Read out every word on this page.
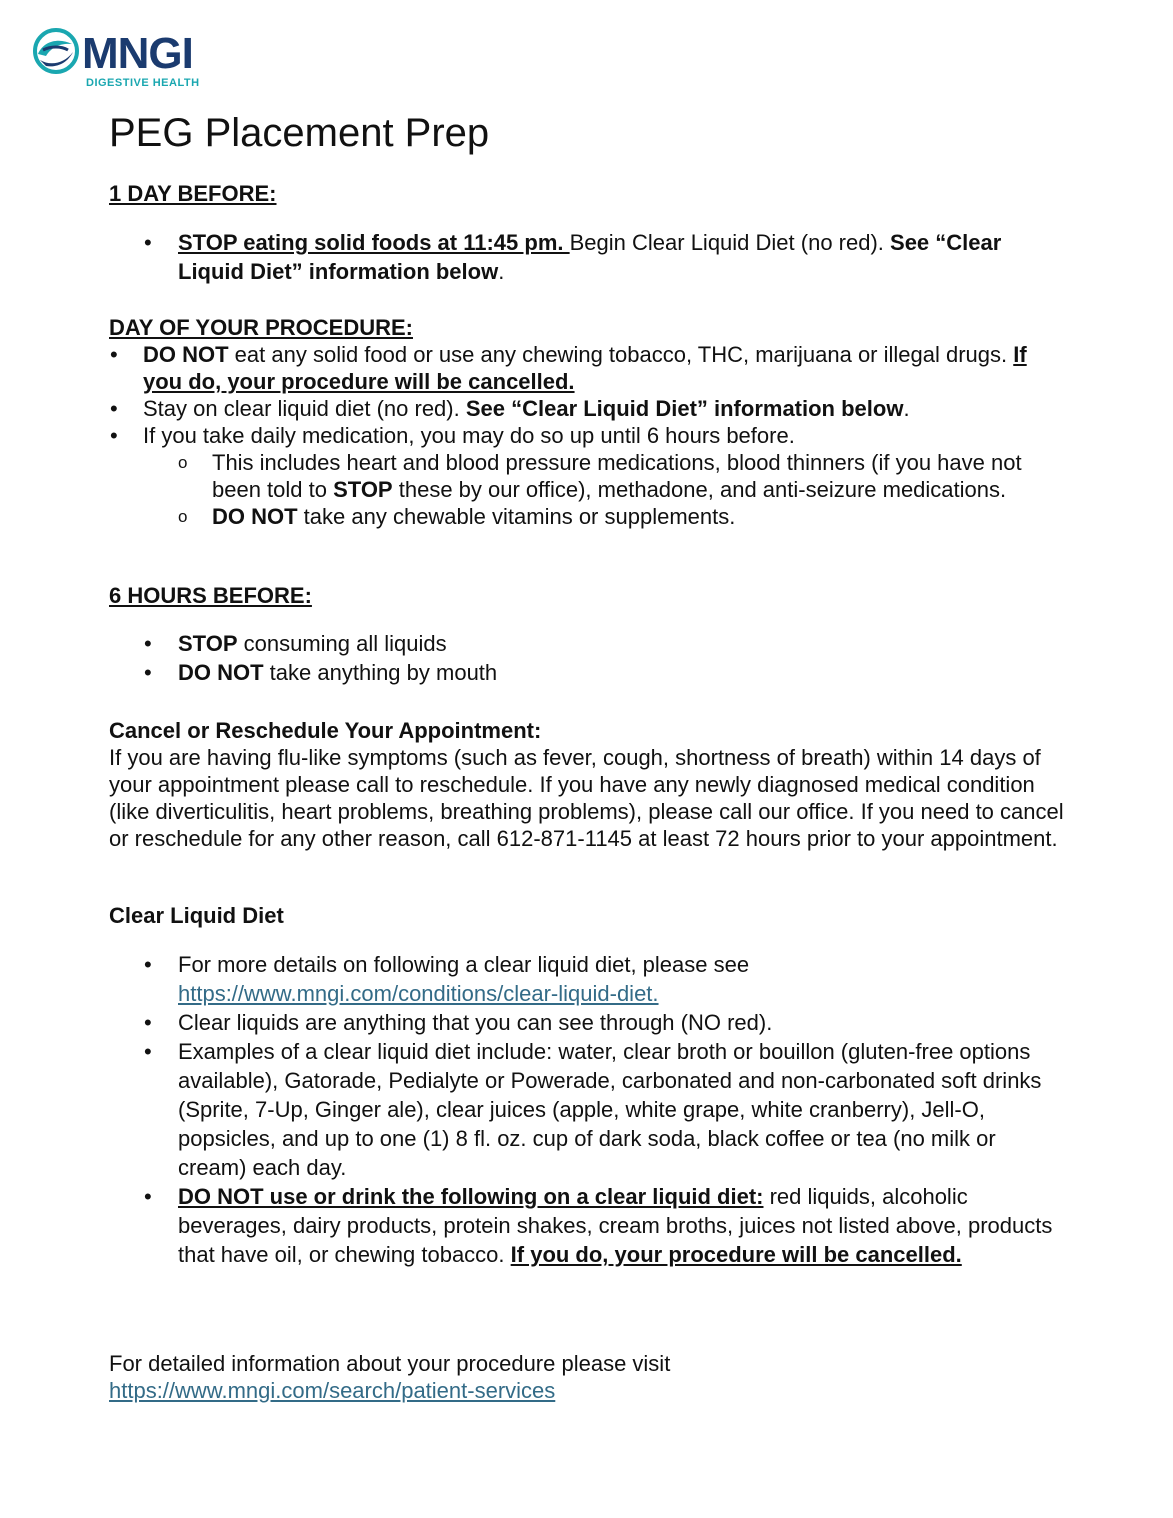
MNGI
DIGESTIVE HEALTH
PEG Placement Prep
1 DAY BEFORE:
• STOP eating solid foods at 11:45 pm. Begin Clear Liquid Diet (no red). See “Clear Liquid Diet” information below.
DAY OF YOUR PROCEDURE:
• DO NOT eat any solid food or use any chewing tobacco, THC, marijuana or illegal drugs. If you do, your procedure will be cancelled.
• Stay on clear liquid diet (no red). See “Clear Liquid Diet” information below.
• If you take daily medication, you may do so up until 6 hours before.
o This includes heart and blood pressure medications, blood thinners (if you have not been told to STOP these by our office), methadone, and anti-seizure medications.
o DO NOT take any chewable vitamins or supplements.
6 HOURS BEFORE:
• STOP consuming all liquids
• DO NOT take anything by mouth
Cancel or Reschedule Your Appointment:
If you are having flu-like symptoms (such as fever, cough, shortness of breath) within 14 days of your appointment please call to reschedule. If you have any newly diagnosed medical condition (like diverticulitis, heart problems, breathing problems), please call our office. If you need to cancel or reschedule for any other reason, call 612-871-1145 at least 72 hours prior to your appointment.
Clear Liquid Diet
• For more details on following a clear liquid diet, please see https://www.mngi.com/conditions/clear-liquid-diet.
• Clear liquids are anything that you can see through (NO red).
• Examples of a clear liquid diet include: water, clear broth or bouillon (gluten-free options available), Gatorade, Pedialyte or Powerade, carbonated and non-carbonated soft drinks (Sprite, 7-Up, Ginger ale), clear juices (apple, white grape, white cranberry), Jell-O, popsicles, and up to one (1) 8 fl. oz. cup of dark soda, black coffee or tea (no milk or cream) each day.
• DO NOT use or drink the following on a clear liquid diet: red liquids, alcoholic beverages, dairy products, protein shakes, cream broths, juices not listed above, products that have oil, or chewing tobacco. If you do, your procedure will be cancelled.
For detailed information about your procedure please visit
https://www.mngi.com/search/patient-services
